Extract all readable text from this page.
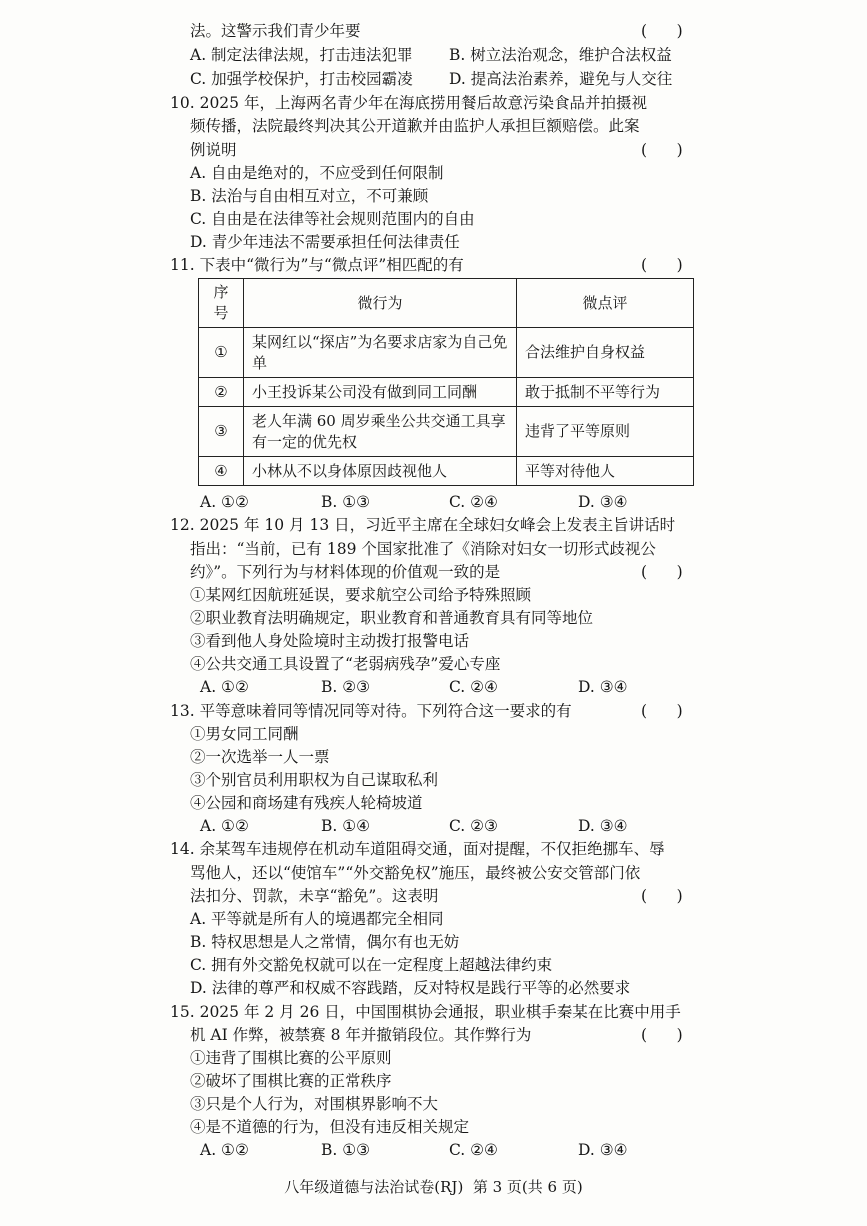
法。这警示我们青少年要	(      )
A. 制定法律法规，打击违法犯罪 B. 树立法治观念，维护合法权益
C. 加强学校保护，打击校园霸凌 D. 提高法治素养，避免与人交往
10. 2025 年，上海两名青少年在海底捞用餐后故意污染食品并拍摄视
频传播，法院最终判决其公开道歉并由监护人承担巨额赔偿。此案
例说明	(      )
A. 自由是绝对的，不应受到任何限制
B. 法治与自由相互对立，不可兼顾
C. 自由是在法律等社会规则范围内的自由
D. 青少年违法不需要承担任何法律责任
11. 下表中“微行为”与“微点评”相匹配的有	(      )
序号	微行为	微点评
①	某网红以“探店”为名要求店家为自己免单	合法维护自身权益
②	小王投诉某公司没有做到同工同酬	敢于抵制不平等行为
③	老人年满 60 周岁乘坐公共交通工具享有一定的优先权	违背了平等原则
④	小林从不以身体原因歧视他人	平等对待他人
A. ①②	B. ①③	C. ②④	D. ③④
12. 2025 年 10 月 13 日，习近平主席在全球妇女峰会上发表主旨讲话时
指出：“当前，已有 189 个国家批准了《消除对妇女一切形式歧视公
约》”。下列行为与材料体现的价值观一致的是	(      )
①某网红因航班延误，要求航空公司给予特殊照顾
②职业教育法明确规定，职业教育和普通教育具有同等地位
③看到他人身处险境时主动拨打报警电话
④公共交通工具设置了“老弱病残孕”爱心专座
A. ①②	B. ②③	C. ②④	D. ③④
13. 平等意味着同等情况同等对待。下列符合这一要求的有	(      )
①男女同工同酬
②一次选举一人一票
③个别官员利用职权为自己谋取私利
④公园和商场建有残疾人轮椅坡道
A. ①②	B. ①④	C. ②③	D. ③④
14. 余某驾车违规停在机动车道阻碍交通，面对提醒，不仅拒绝挪车、辱
骂他人，还以“使馆车”“外交豁免权”施压，最终被公安交管部门依
法扣分、罚款，未享“豁免”。这表明	(      )
A. 平等就是所有人的境遇都完全相同
B. 特权思想是人之常情，偶尔有也无妨
C. 拥有外交豁免权就可以在一定程度上超越法律约束
D. 法律的尊严和权威不容践踏，反对特权是践行平等的必然要求
15. 2025 年 2 月 26 日，中国围棋协会通报，职业棋手秦某在比赛中用手
机 AI 作弊，被禁赛 8 年并撤销段位。其作弊行为	(      )
①违背了围棋比赛的公平原则
②破坏了围棋比赛的正常秩序
③只是个人行为，对围棋界影响不大
④是不道德的行为，但没有违反相关规定
A. ①②	B. ①③	C. ②④	D. ③④
八年级道德与法治试卷(RJ)  第 3 页(共 6 页)
